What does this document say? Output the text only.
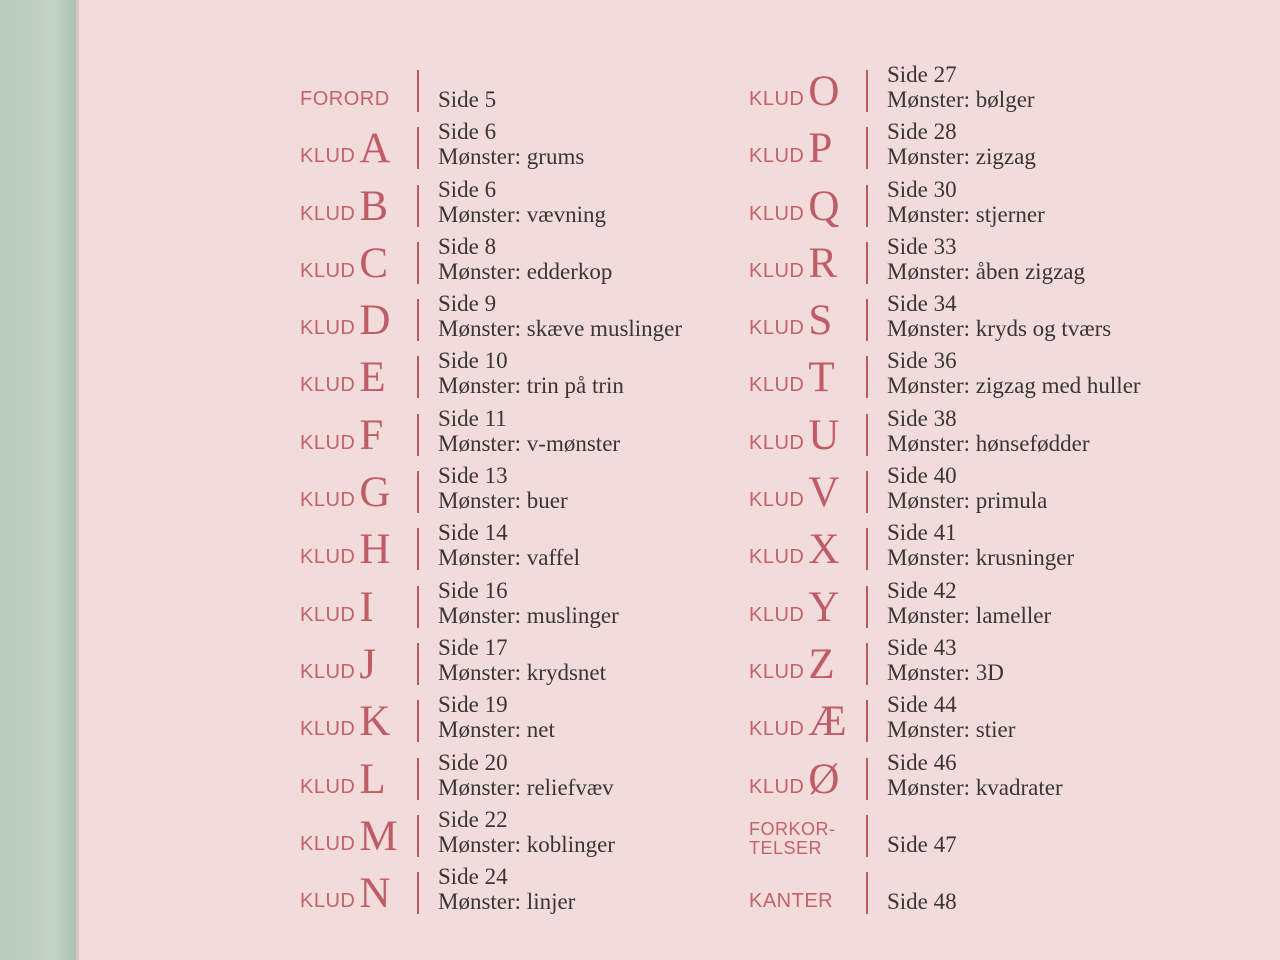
FORORD Side 5
KLUD A Side 6
Mønster: grums
KLUD B Side 6
Mønster: vævning
KLUD C Side 8
Mønster: edderkop
KLUD D Side 9
Mønster: skæve muslinger
KLUD E Side 10
Mønster: trin på trin
KLUD F Side 11
Mønster: v-mønster
KLUD G Side 13
Mønster: buer
KLUD H Side 14
Mønster: vaffel
KLUD I	Side 16
Mønster: muslinger
KLUD J	Side 17
Mønster: krydsnet
KLUD K Side 19
Mønster: net
KLUD L Side 20
Mønster: reliefvæv
KLUD M Side 22
Mønster: koblinger
KLUD N Side 24
Mønster: linjer
KLUD O Side 27
Mønster: bølger
KLUD P Side 28
Mønster: zigzag
KLUD Q Side 30
Mønster: stjerner
KLUD R Side 33
Mønster: åben zigzag
KLUD S Side 34
Mønster: kryds og tværs
KLUD T Side 36
Mønster: zigzag med huller
KLUD U Side 38
Mønster: hønsefødder
KLUD V Side 40
Mønster: primula
KLUD X Side 41
Mønster: krusninger
KLUD Y Side 42
Mønster: lameller
KLUD Z Side 43
Mønster: 3D
KLUD Æ Side 44
Mønster: stier
KLUD Ø Side 46
Mønster: kvadrater
FORKOR-
TELSER	Side 47
KANTER Side 48
